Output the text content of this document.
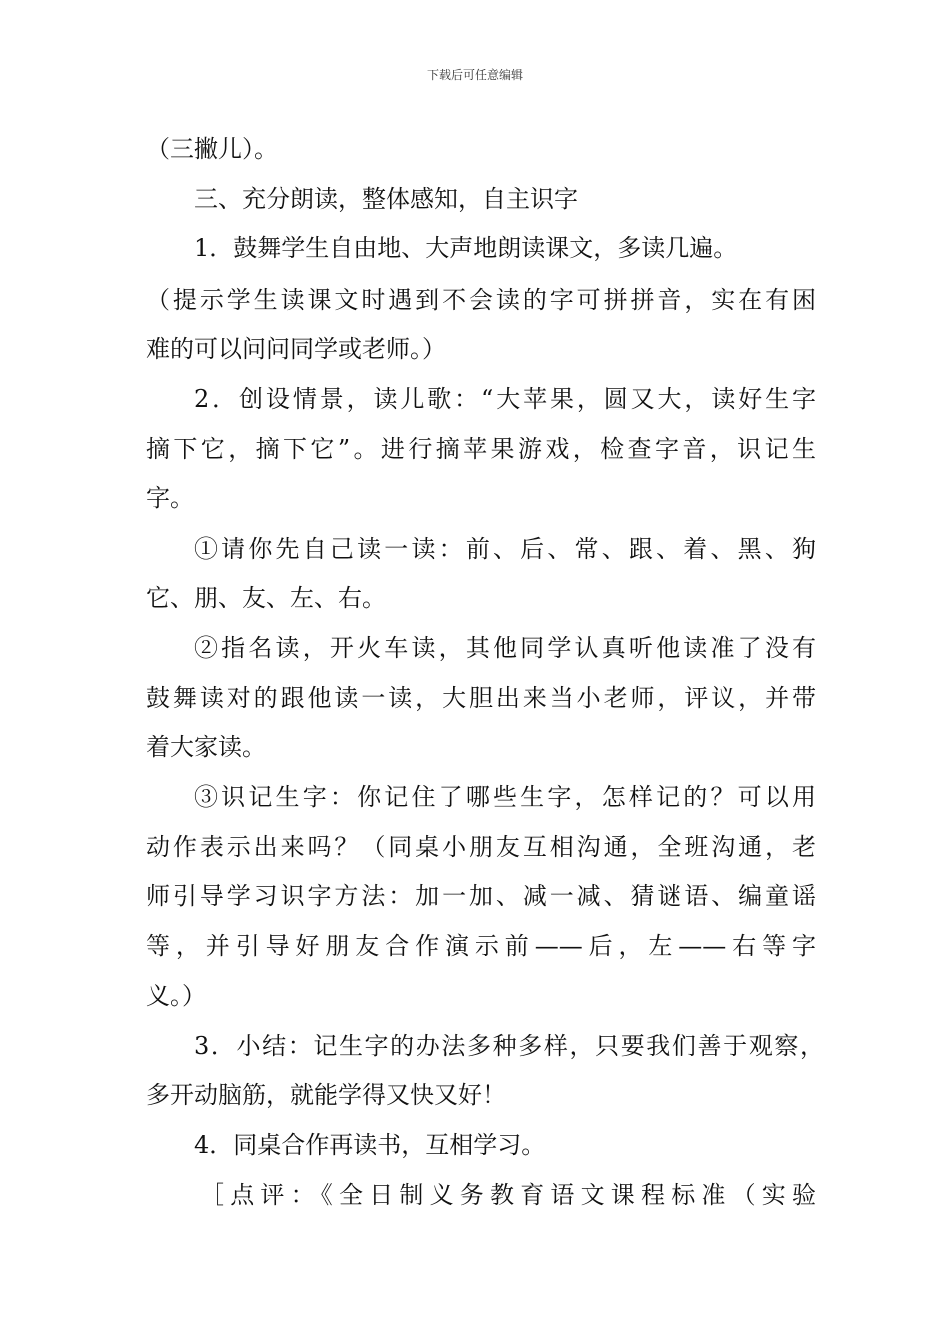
下载后可任意编辑
（三撇儿）。
三、充分朗读，整体感知，自主识字
1．鼓舞学生自由地、大声地朗读课文，多读几遍。
（提示学生读课文时遇到不会读的字可拼拼音，实在有困
难的可以问问同学或老师。）
2．创设情景，读儿歌：“大苹果，圆又大，读好生字
摘下它，摘下它”。进行摘苹果游戏，检查字音，识记生
字。
①请你先自己读一读：前、后、常、跟、着、黑、狗
它、朋、友、左、右。
②指名读，开火车读，其他同学认真听他读准了没有
鼓舞读对的跟他读一读，大胆出来当小老师，评议，并带
着大家读。
③识记生字：你记住了哪些生字，怎样记的？可以用
动作表示出来吗？（同桌小朋友互相沟通，全班沟通，老
师引导学习识字方法：加一加、减一减、猜谜语、编童谣
等，并引导好朋友合作演示前——后，左——右等字
义。）
3．小结：记生字的办法多种多样，只要我们善于观察，
多开动脑筋，就能学得又快又好！
4．同桌合作再读书，互相学习。
［点评：《全日制义务教育语文课程标准（实验
